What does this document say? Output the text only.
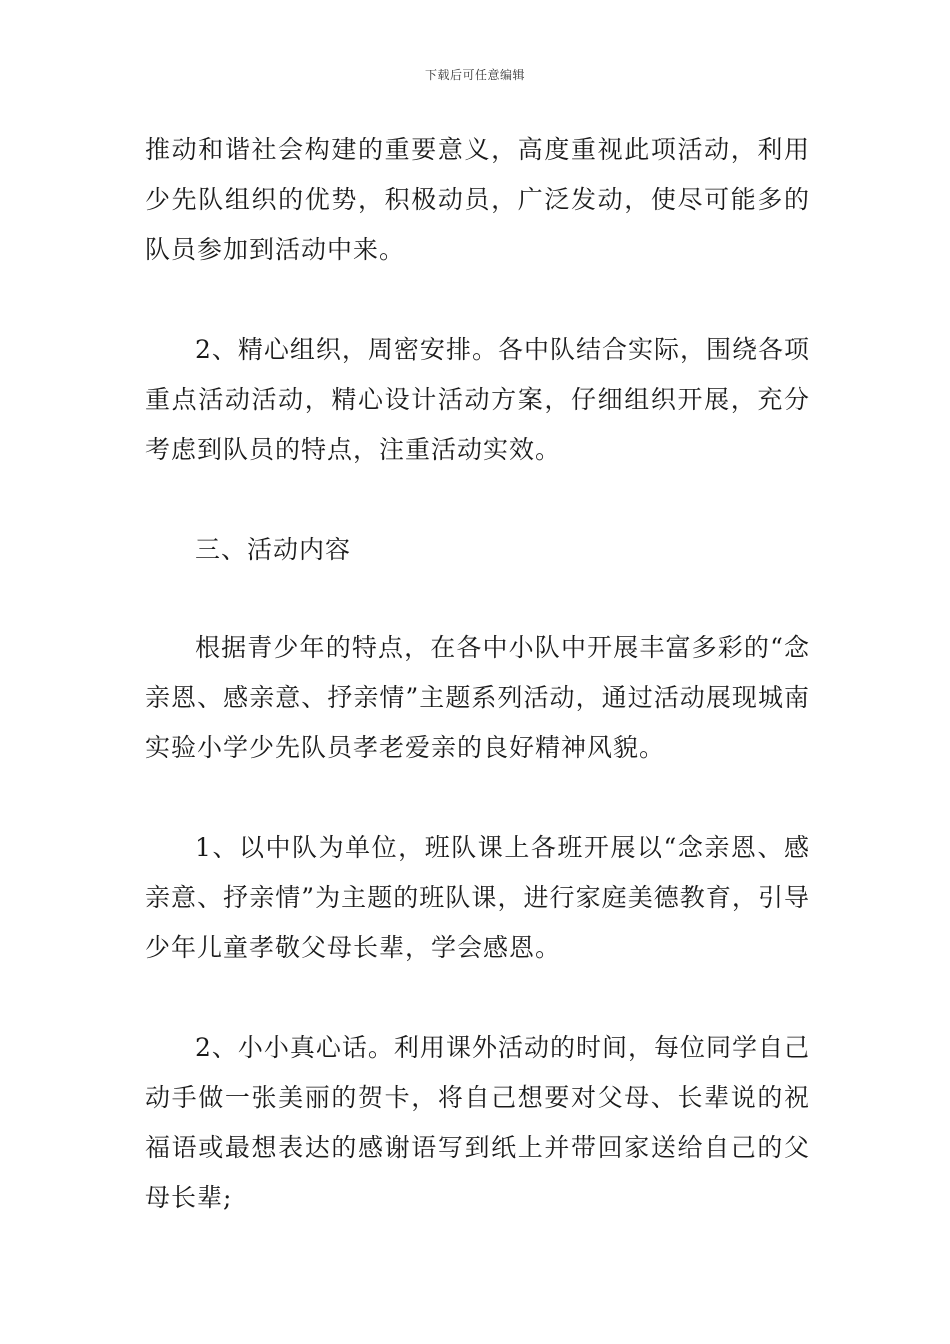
下载后可任意编辑

推动和谐社会构建的重要意义，高度重视此项活动，利用少先队组织的优势，积极动员，广泛发动，使尽可能多的队员参加到活动中来。

2、精心组织，周密安排。各中队结合实际，围绕各项重点活动活动，精心设计活动方案，仔细组织开展，充分考虑到队员的特点，注重活动实效。

三、活动内容

根据青少年的特点，在各中小队中开展丰富多彩的“念亲恩、感亲意、抒亲情”主题系列活动，通过活动展现城南实验小学少先队员孝老爱亲的良好精神风貌。

1、以中队为单位，班队课上各班开展以“念亲恩、感亲意、抒亲情”为主题的班队课，进行家庭美德教育，引导少年儿童孝敬父母长辈，学会感恩。

2、小小真心话。利用课外活动的时间，每位同学自己动手做一张美丽的贺卡，将自己想要对父母、长辈说的祝福语或最想表达的感谢语写到纸上并带回家送给自己的父母长辈;
